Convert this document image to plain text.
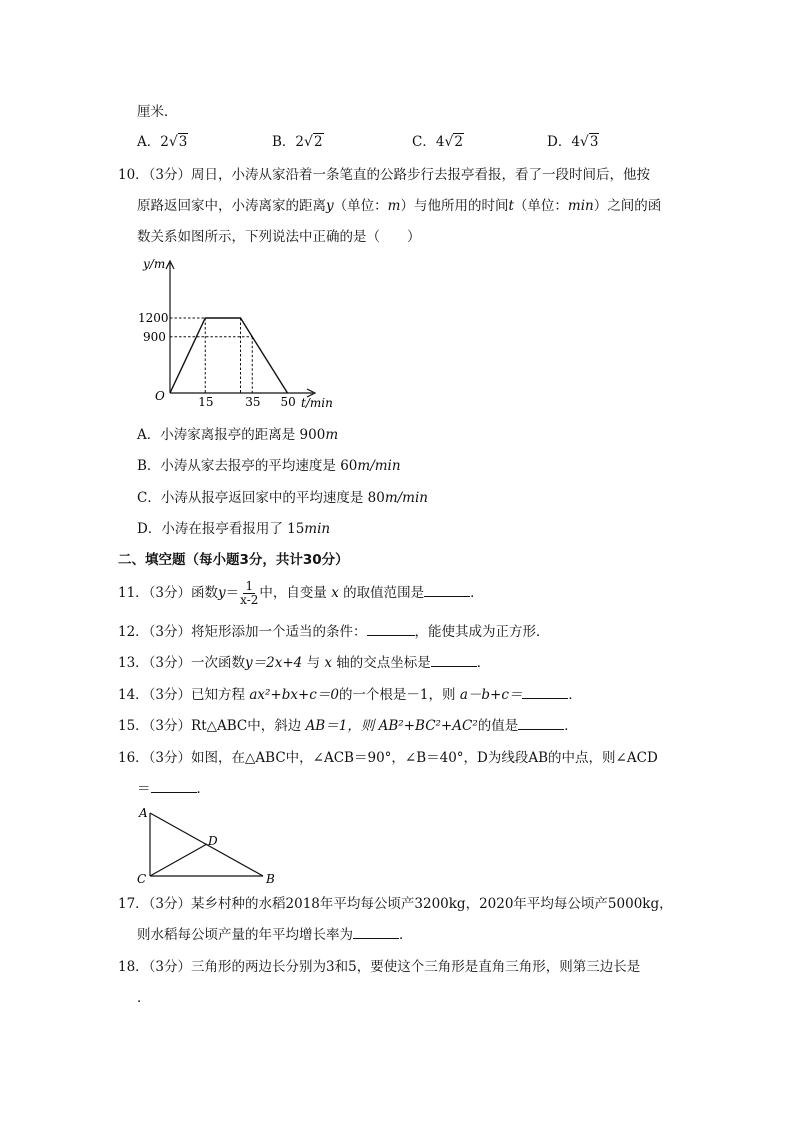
厘米．
A．2√3	B．2√2	C．4√2	D．4√3
10．（3分）周日，小涛从家沿着一条笔直的公路步行去报亭看报，看了一段时间后，他按
原路返回家中，小涛离家的距离y（单位：m）与他所用的时间t（单位：min）之间的函
数关系如图所示，下列说法中正确的是（　　）
y/m
t/min
O
1200
900
15	35 50
A．小涛家离报亭的距离是 900m
B．小涛从家去报亭的平均速度是 60m/min
C．小涛从报亭返回家中的平均速度是 80m/min
D．小涛在报亭看报用了 15min
二、填空题（每小题3分，共计30分）
11．（3分）函数$y= \frac{1}{x-2}$ 中，自变量 x 的取值范围是	．
12．（3分）将矩形添加一个适当的条件：	，能使其成为正方形．
13．（3分）一次函数y＝2x+4 与 x 轴的交点坐标是	．
14．（3分）已知方程 ax²+bx+c＝0的一个根是－1，则 a－b+c＝	．
15．（3分）Rt△ABC中，斜边 AB＝1，则 AB²+BC²+AC²的值是	．
16．（3分）如图，在△ABC中，∠ACB＝90°，∠B＝40°，D为线段AB的中点，则∠ACD
＝	．
A
B
C
D
17．（3分）某乡村种的水稻2018年平均每公顷产3200kg，2020年平均每公顷产5000kg，
则水稻每公顷产量的年平均增长率为	．
18．（3分）三角形的两边长分别为3和5，要使这个三角形是直角三角形，则第三边长是
．
